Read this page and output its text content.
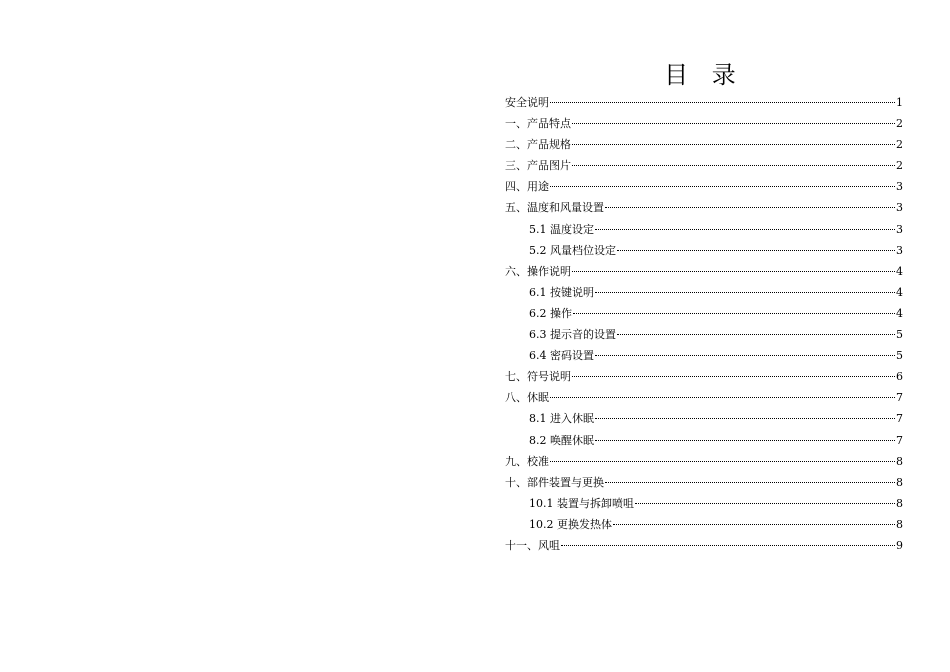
目 录
安全说明	1
一、产品特点	2
二、产品规格	2
三、产品图片	2
四、用途	3
五、温度和风量设置	3
5.1 温度设定	3
5.2 风量档位设定	3
六、操作说明	4
6.1 按键说明	4
6.2 操作	4
6.3 提示音的设置	5
6.4 密码设置	5
七、符号说明	6
八、休眠	7
8.1 进入休眠	7
8.2 唤醒休眠	7
九、校准	8
十、部件装置与更换	8
10.1 装置与拆卸喷咀	8
10.2 更换发热体	8
十一、风咀	9
